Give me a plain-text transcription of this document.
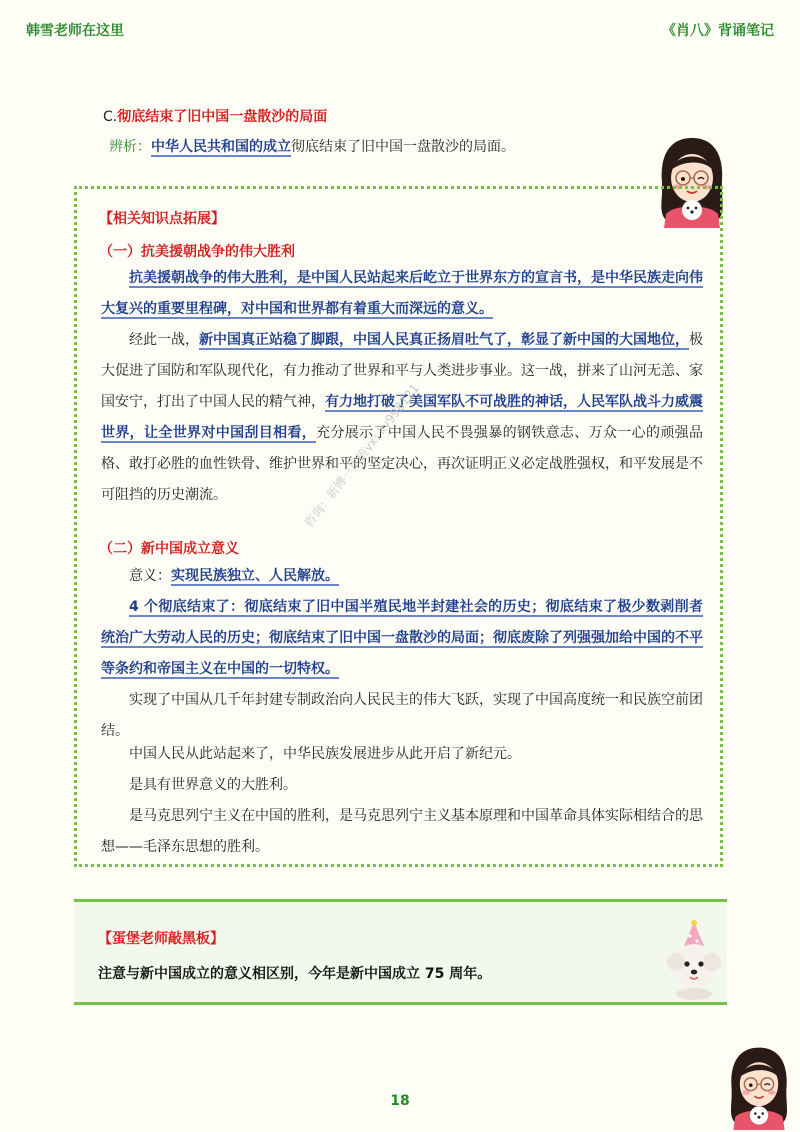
韩雪老师在这里	《肖八》背诵笔记
C.彻底结束了旧中国一盘散沙的局面
辨析：中华人民共和国的成立彻底结束了旧中国一盘散沙的局面。
【相关知识点拓展】
（一）抗美援朝战争的伟大胜利
抗美援朝战争的伟大胜利，是中国人民站起来后屹立于世界东方的宣言书，是中华民族走向伟大复兴的重要里程碑，对中国和世界都有着重大而深远的意义。
经此一战，新中国真正站稳了脚跟，中国人民真正扬眉吐气了，彰显了新中国的大国地位，极大促进了国防和军队现代化，有力推动了世界和平与人类进步事业。这一战，拼来了山河无恙、家国安宁，打出了中国人民的精气神，有力地打破了美国军队不可战胜的神话，人民军队战斗力威震世界，让全世界对中国刮目相看，充分展示了中国人民不畏强暴的钢铁意志、万众一心的顽强品格、敢打必胜的血性铁骨、维护世界和平的坚定决心，再次证明正义必定战胜强权，和平发展是不可阻挡的历史潮流。
（二）新中国成立意义
意义：实现民族独立、人民解放。
4 个彻底结束了：彻底结束了旧中国半殖民地半封建社会的历史；彻底结束了极少数剥削者统治广大劳动人民的历史；彻底结束了旧中国一盘散沙的局面；彻底废除了列强强加给中国的不平等条约和帝国主义在中国的一切特权。
实现了中国从几千年封建专制政治向人民民主的伟大飞跃，实现了中国高度统一和民族空前团结。
中国人民从此站起来了，中华民族发展进步从此开启了新纪元。
是具有世界意义的大胜利。
是马克思列宁主义在中国的胜利，是马克思列宁主义基本原理和中国革命具体实际相结合的思想——毛泽东思想的胜利。
咨询：新博一果班vx: ky998121
【蛋堡老师敲黑板】
注意与新中国成立的意义相区别，今年是新中国成立 75 周年。
18
